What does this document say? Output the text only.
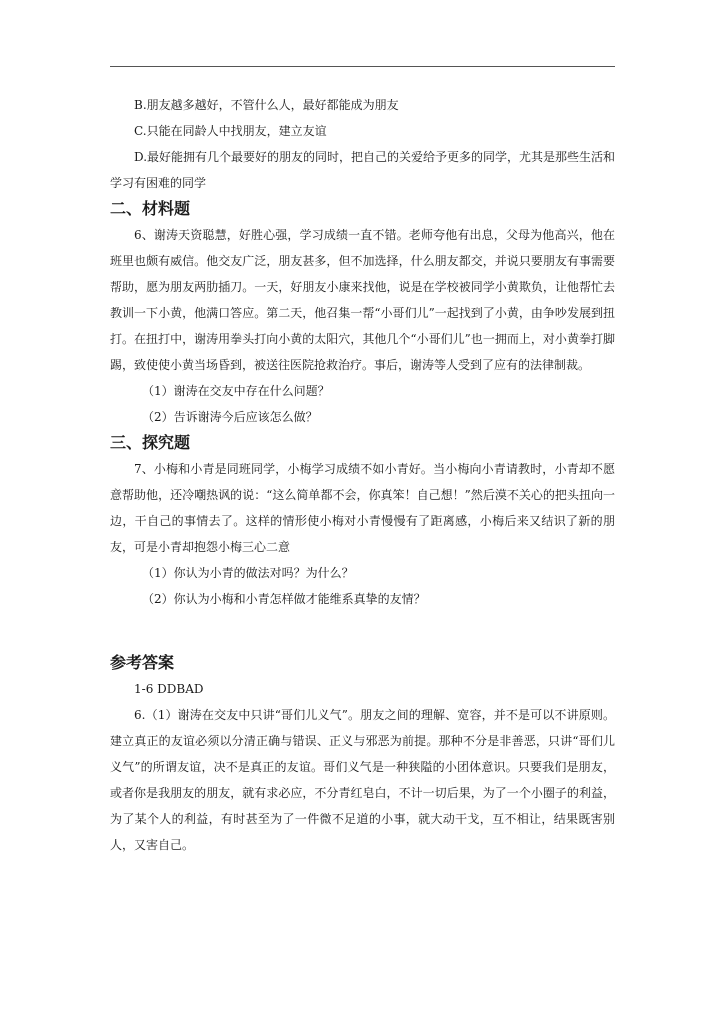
B.朋友越多越好，不管什么人，最好都能成为朋友

C.只能在同龄人中找朋友，建立友谊

D.最好能拥有几个最要好的朋友的同时，把自己的关爱给予更多的同学，尤其是那些生活和学习有困难的同学

二、材料题

6、谢涛天资聪慧，好胜心强，学习成绩一直不错。老师夸他有出息，父母为他高兴，他在班里也颇有威信。他交友广泛，朋友甚多，但不加选择，什么朋友都交，并说只要朋友有事需要帮助，愿为朋友两肋插刀。一天，好朋友小康来找他，说是在学校被同学小黄欺负，让他帮忙去教训一下小黄，他满口答应。第二天，他召集一帮“小哥们儿”一起找到了小黄，由争吵发展到扭打。在扭打中，谢涛用拳头打向小黄的太阳穴，其他几个“小哥们儿”也一拥而上，对小黄拳打脚踢，致使使小黄当场昏到，被送往医院抢救治疗。事后，谢涛等人受到了应有的法律制裁。

（1）谢涛在交友中存在什么问题？

（2）告诉谢涛今后应该怎么做？

三、探究题

7、小梅和小青是同班同学，小梅学习成绩不如小青好。当小梅向小青请教时，小青却不愿意帮助他，还冷嘲热讽的说：“这么简单都不会，你真笨！自己想！”然后漠不关心的把头扭向一边，干自己的事情去了。这样的情形使小梅对小青慢慢有了距离感，小梅后来又结识了新的朋友，可是小青却抱怨小梅三心二意

（1）你认为小青的做法对吗？为什么？

（2）你认为小梅和小青怎样做才能维系真挚的友情？

参考答案

1-6 DDBAD

6.（1）谢涛在交友中只讲“哥们儿义气”。朋友之间的理解、宽容，并不是可以不讲原则。建立真正的友谊必须以分清正确与错误、正义与邪恶为前提。那种不分是非善恶，只讲“哥们儿义气”的所谓友谊，决不是真正的友谊。哥们义气是一种狭隘的小团体意识。只要我们是朋友，或者你是我朋友的朋友，就有求必应，不分青红皂白，不计一切后果，为了一个小圈子的利益，为了某个人的利益，有时甚至为了一件微不足道的小事，就大动干戈，互不相让，结果既害别人，又害自己。
